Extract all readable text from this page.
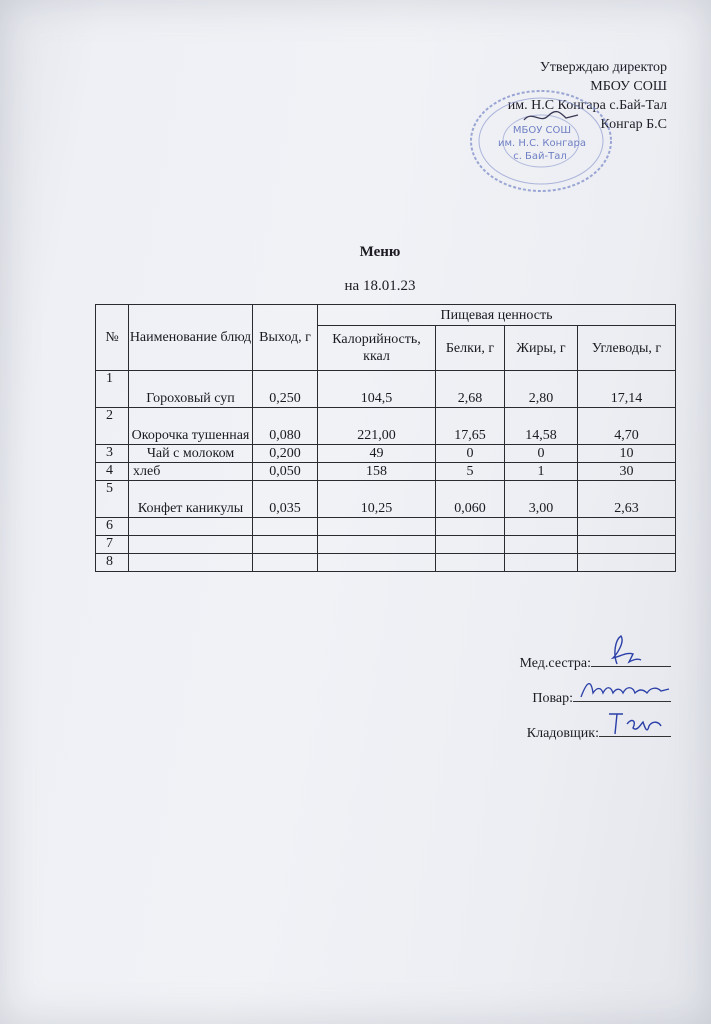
Утверждаю директор
МБОУ СОШ
им. Н.С Конгара с.Бай-Тал
Конгар Б.С
МБОУ СОШ
им. Н.С. Конгара
с. Бай-Тал
Меню
на 18.01.23
№	Наименование блюд	Выход, г	Пищевая ценность			
			Калорийность, ккал	Белки, г	Жиры, г	Углеводы, г
1	Гороховый суп	0,250	104,5	2,68	2,80	17,14
2	Окорочка тушенная	0,080	221,00	17,65	14,58	4,70
3	Чай с молоком	0,200	49	0	0	10
4	хлеб	0,050	158	5	1	30
5	Конфет каникулы	0,035	10,25	0,060	3,00	2,63
6						
7						
8						
Мед.сестра:
Повар:
Кладовщик:
